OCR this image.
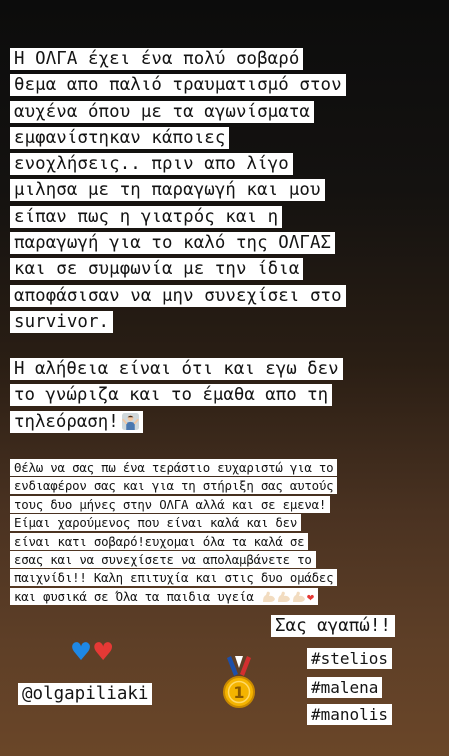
Η ΟΛΓΑ έχει ένα πολύ σοβαρό
θεμα απο παλιό τραυματισμό στον
αυχένα όπου με τα αγωνίσματα
εμφανίστηκαν κάποιες
ενοχλήσεις.. πριν απο λίγο
μιλησα με τη παραγωγή και μου
είπαν πως η γιατρός και η
παραγωγή για το καλό της ΟΛΓΑΣ
και σε συμφωνία με την ίδια
αποφάσισαν να μην συνεχίσει στο
survivor.
Η αλήθεια είναι ότι και εγω δεν
το γνώριζα και το έμαθα απο τη
τηλεόραση!
Θέλω να σας πω ένα τεράστιο ευχαριστώ για το
ενδιαφέρον σας και για τη στήριξη σας αυτούς
τους δυο μήνες στην ΟΛΓΑ αλλά και σε εμενα!
Είμαι χαρούμενος που είναι καλά και δεν
είναι κατι σοβαρό!ευχομαι όλα τα καλά σε
εσας και να συνεχίσετε να απολαμβάνετε το
παιχνίδι!! Καλη επιτυχία και στις δυο ομάδες
και φυσικά σε Όλα τα παιδια υγεία	❤
Σας αγαπώ!!
♥♥
@olgapiliaki	1
#stelios
#malena
#manolis
